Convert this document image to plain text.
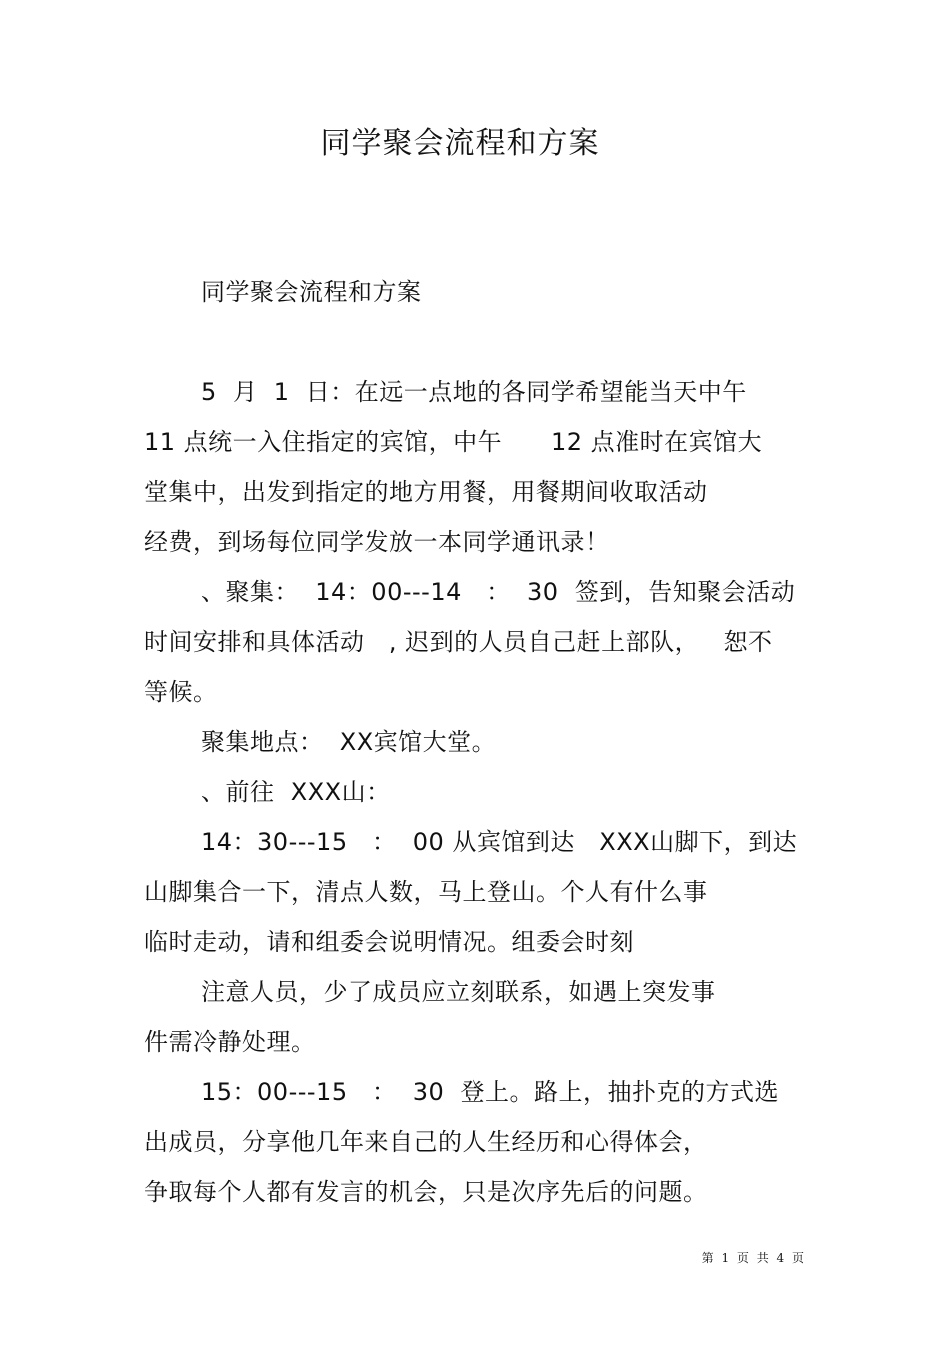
同学聚会流程和方案

同学聚会流程和方案

5  月  1  日：在远一点地的各同学希望能当天中午

11 点统一入住指定的宾馆，中午      12 点准时在宾馆大

堂集中，出发到指定的地方用餐，用餐期间收取活动

经费，到场每位同学发放一本同学通讯录！

、聚集：  14：00---14   ：  30  签到，告知聚会活动

时间安排和具体活动   , 迟到的人员自己赶上部队，   恕不

等候。

聚集地点：  XX宾馆大堂。

、前往  XXX山：

14：30---15   ：  00 从宾馆到达   XXX山脚下，到达

山脚集合一下，清点人数，马上登山。个人有什么事

临时走动，请和组委会说明情况。组委会时刻

注意人员，少了成员应立刻联系，如遇上突发事

件需冷静处理。

15：00---15   ：  30  登上。路上，抽扑克的方式选

出成员，分享他几年来自己的人生经历和心得体会，

争取每个人都有发言的机会，只是次序先后的问题。

第 1 页 共 4 页
